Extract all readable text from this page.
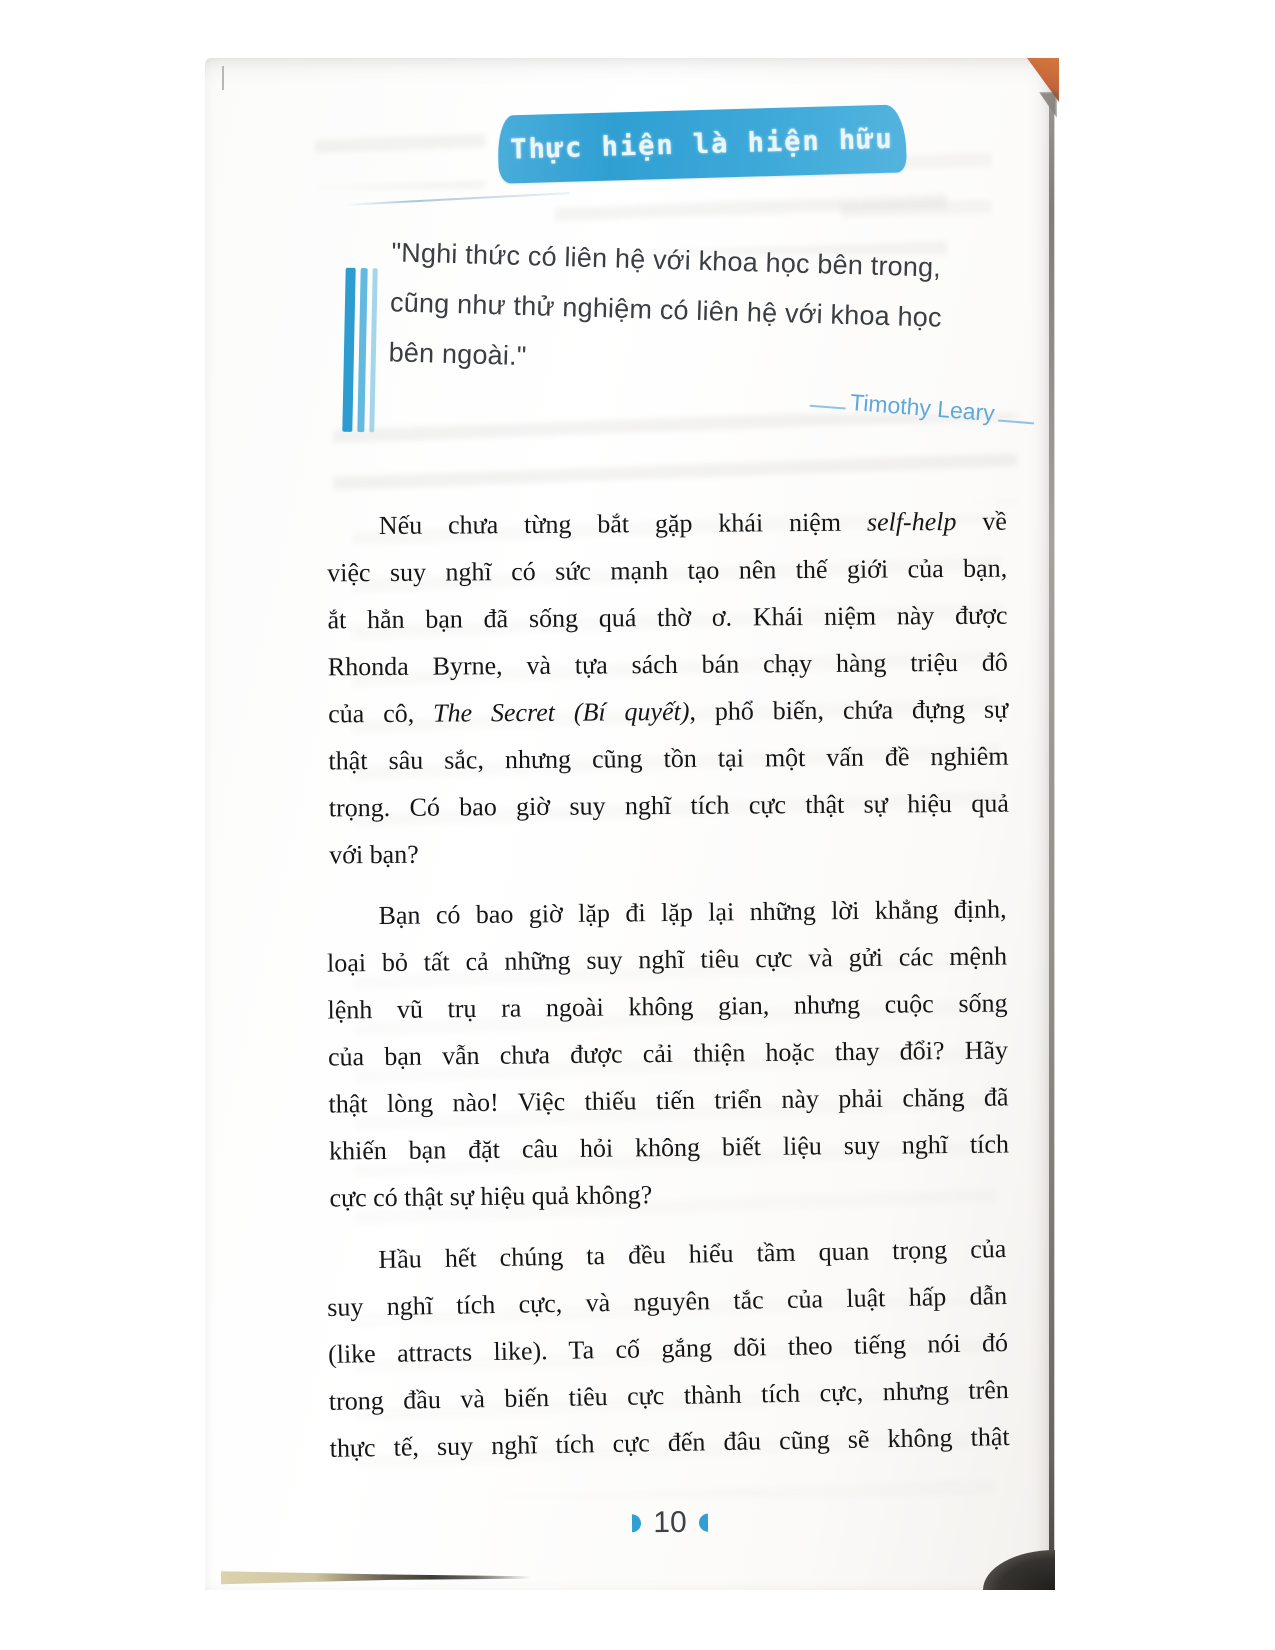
Thực hiện là hiện hữu
"Nghi thức có liên hệ với khoa học bên trong,
cũng như thử nghiệm có liên hệ với khoa học
bên ngoài."
Timothy Leary
Nếu chưa từng bắt gặp khái niệm self-help về
việc suy nghĩ có sức mạnh tạo nên thế giới của bạn,
ắt hẳn bạn đã sống quá thờ ơ. Khái niệm này được
Rhonda Byrne, và tựa sách bán chạy hàng triệu đô
của cô, The Secret (Bí quyết), phổ biến, chứa đựng sự
thật sâu sắc, nhưng cũng tồn tại một vấn đề nghiêm
trọng. Có bao giờ suy nghĩ tích cực thật sự hiệu quả
với bạn?
Bạn có bao giờ lặp đi lặp lại những lời khẳng định,
loại bỏ tất cả những suy nghĩ tiêu cực và gửi các mệnh
lệnh vũ trụ ra ngoài không gian, nhưng cuộc sống
của bạn vẫn chưa được cải thiện hoặc thay đổi? Hãy
thật lòng nào! Việc thiếu tiến triển này phải chăng đã
khiến bạn đặt câu hỏi không biết liệu suy nghĩ tích
cực có thật sự hiệu quả không?
Hầu hết chúng ta đều hiểu tầm quan trọng của
suy nghĩ tích cực, và nguyên tắc của luật hấp dẫn
(like attracts like). Ta cố gắng dõi theo tiếng nói đó
trong đầu và biến tiêu cực thành tích cực, nhưng trên
thực tế, suy nghĩ tích cực đến đâu cũng sẽ không thật
10
